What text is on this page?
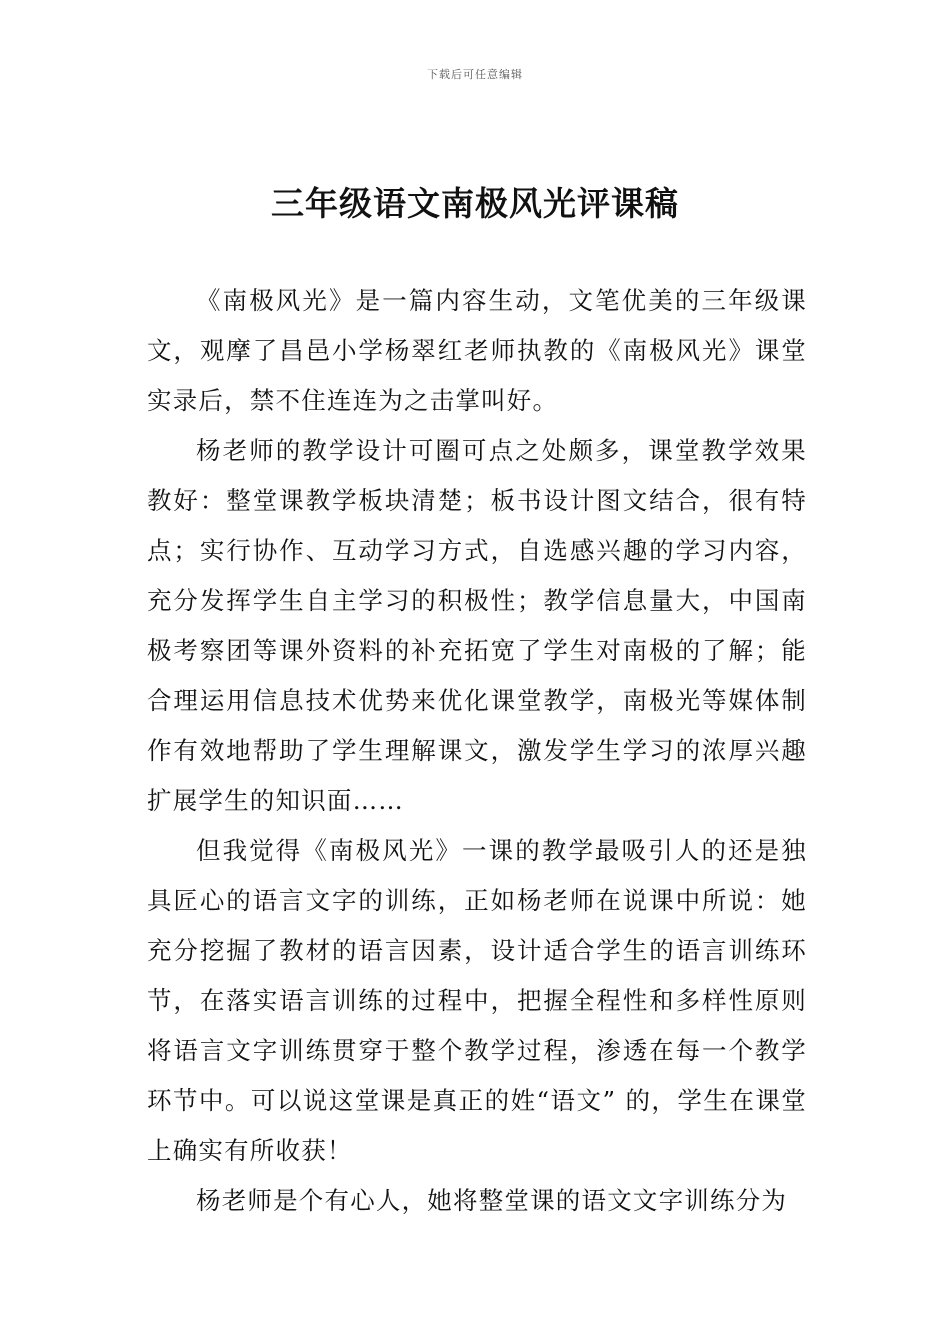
下载后可任意编辑
三年级语文南极风光评课稿

《南极风光》是一篇内容生动，文笔优美的三年级课文，观摩了昌邑小学杨翠红老师执教的《南极风光》课堂实录后，禁不住连连为之击掌叫好。

杨老师的教学设计可圈可点之处颇多，课堂教学效果教好：整堂课教学板块清楚；板书设计图文结合，很有特点；实行协作、互动学习方式，自选感兴趣的学习内容，充分发挥学生自主学习的积极性；教学信息量大，中国南极考察团等课外资料的补充拓宽了学生对南极的了解；能合理运用信息技术优势来优化课堂教学，南极光等媒体制作有效地帮助了学生理解课文，激发学生学习的浓厚兴趣扩展学生的知识面……

但我觉得《南极风光》一课的教学最吸引人的还是独具匠心的语言文字的训练，正如杨老师在说课中所说：她充分挖掘了教材的语言因素，设计适合学生的语言训练环节，在落实语言训练的过程中，把握全程性和多样性原则将语言文字训练贯穿于整个教学过程，渗透在每一个教学环节中。可以说这堂课是真正的姓“语文” 的，学生在课堂上确实有所收获！

杨老师是个有心人，她将整堂课的语文文字训练分为
